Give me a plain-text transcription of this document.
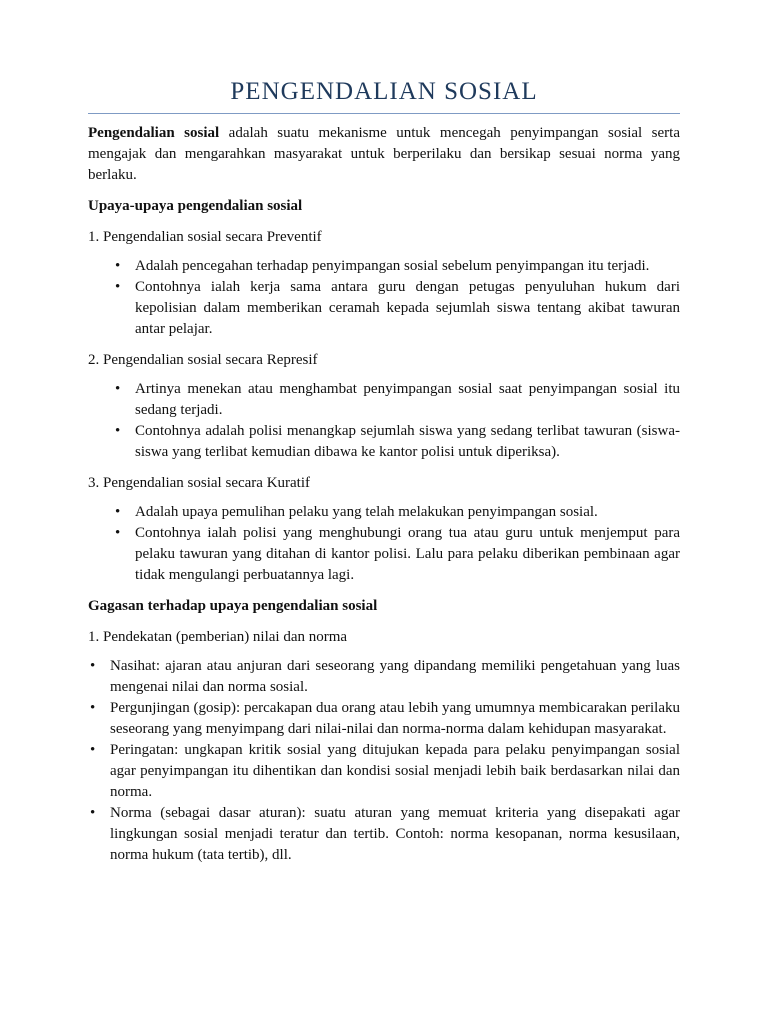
PENGENDALIAN SOSIAL

Pengendalian sosial adalah suatu mekanisme untuk mencegah penyimpangan sosial serta mengajak dan mengarahkan masyarakat untuk berperilaku dan bersikap sesuai norma yang berlaku.

Upaya-upaya pengendalian sosial

1. Pengendalian sosial secara Preventif

• Adalah pencegahan terhadap penyimpangan sosial sebelum penyimpangan itu terjadi.
• Contohnya ialah kerja sama antara guru dengan petugas penyuluhan hukum dari kepolisian dalam memberikan ceramah kepada sejumlah siswa tentang akibat tawuran antar pelajar.

2. Pengendalian sosial secara Represif

• Artinya menekan atau menghambat penyimpangan sosial saat penyimpangan sosial itu sedang terjadi.
• Contohnya adalah polisi menangkap sejumlah siswa yang sedang terlibat tawuran (siswa-siswa yang terlibat kemudian dibawa ke kantor polisi untuk diperiksa).

3. Pengendalian sosial secara Kuratif

• Adalah upaya pemulihan pelaku yang telah melakukan penyimpangan sosial.
• Contohnya ialah polisi yang menghubungi orang tua atau guru untuk menjemput para pelaku tawuran yang ditahan di kantor polisi. Lalu para pelaku diberikan pembinaan agar tidak mengulangi perbuatannya lagi.

Gagasan terhadap upaya pengendalian sosial

1. Pendekatan (pemberian) nilai dan norma

• Nasihat: ajaran atau anjuran dari seseorang yang dipandang memiliki pengetahuan yang luas mengenai nilai dan norma sosial.
• Pergunjingan (gosip): percakapan dua orang atau lebih yang umumnya membicarakan perilaku seseorang yang menyimpang dari nilai-nilai dan norma-norma dalam kehidupan masyarakat.
• Peringatan: ungkapan kritik sosial yang ditujukan kepada para pelaku penyimpangan sosial agar penyimpangan itu dihentikan dan kondisi sosial menjadi lebih baik berdasarkan nilai dan norma.
• Norma (sebagai dasar aturan): suatu aturan yang memuat kriteria yang disepakati agar lingkungan sosial menjadi teratur dan tertib. Contoh: norma kesopanan, norma kesusilaan, norma hukum (tata tertib), dll.
